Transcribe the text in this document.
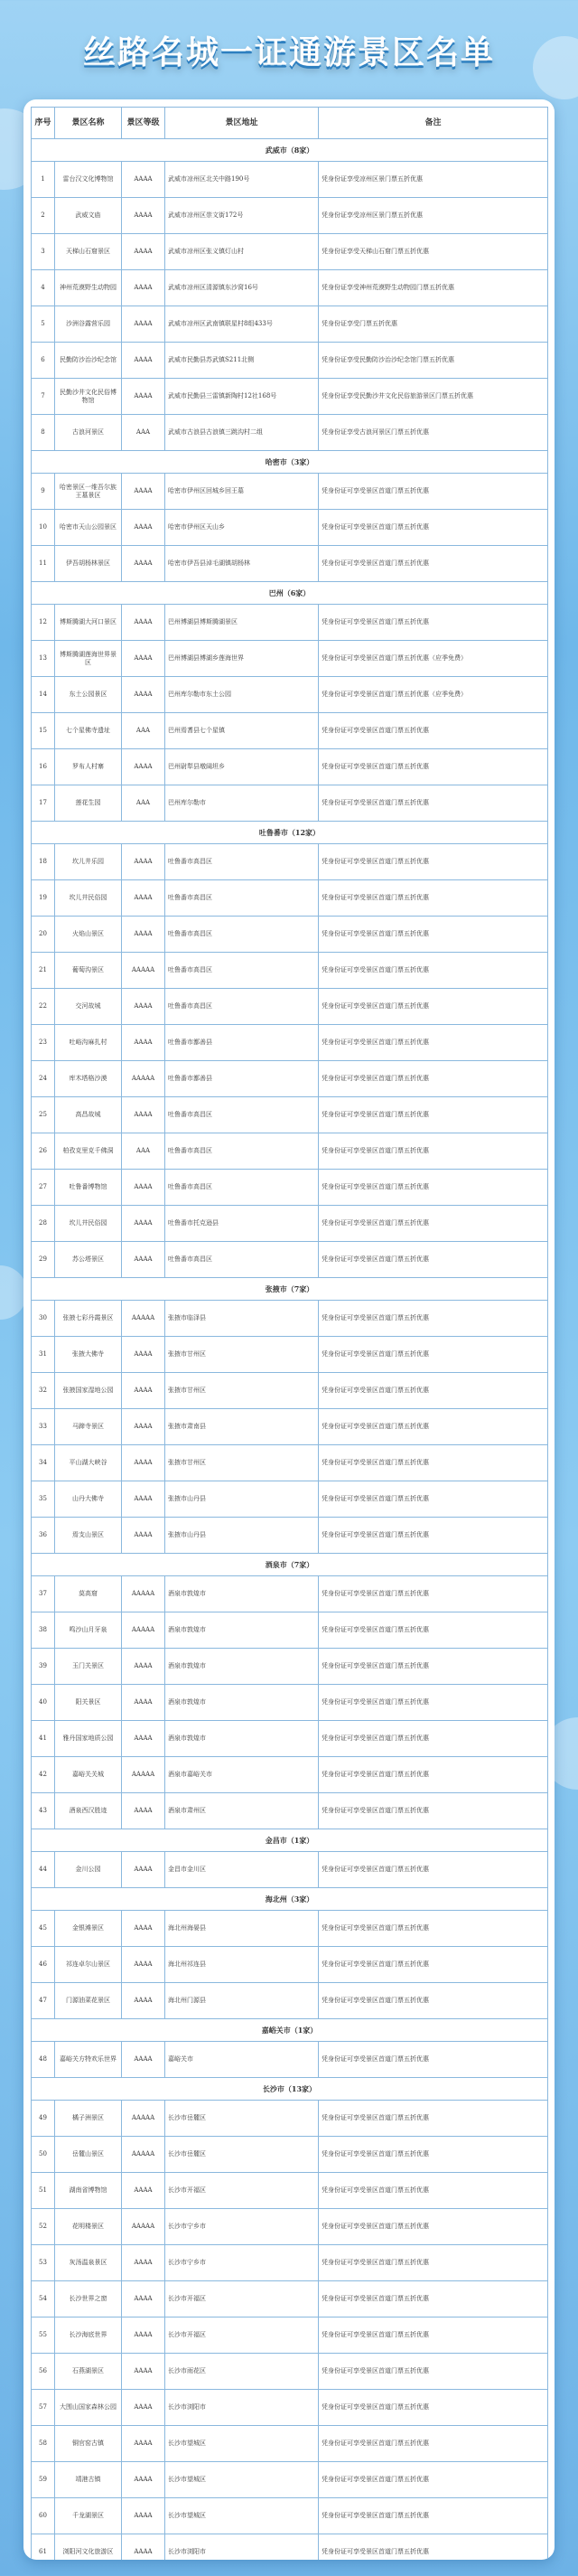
丝路名城一证通游景区名单
序号	景区名称	景区等级	景区地址	备注
武威市（8家）				
1	雷台汉文化博物馆	AAAA	武威市凉州区北关中路190号	凭身份证享受凉州区景门票五折优惠
2	武威文庙	AAAA	武威市凉州区崇文街172号	凭身份证享受凉州区景门票五折优惠
3	天梯山石窟景区	AAAA	武威市凉州区张义镇灯山村	凭身份证享受天梯山石窟门票五折优惠
4	神州荒漠野生动物园	AAAA	武威市凉州区清源镇东沙窝16号	凭身份证享受神州荒漠野生动物园门票五折优惠
5	沙洲谷露营乐园	AAAA	武威市凉州区武南镇联星村8组433号	凭身份证享受门票五折优惠
6	民勤防沙治沙纪念馆	AAAA	武威市民勤县苏武镇S211北侧	凭身份证享受民勤防沙治沙纪念馆门票五折优惠
7	民勤沙井文化民俗博物馆	AAAA	武威市民勤县三雷镇新陶村12社168号	凭身份证享受民勤沙井文化民俗旅游景区门票五折优惠
8	古浪河景区	AAA	武威市古浪县古浪镇三跳沟村二组	凭身份证享受古浪河景区门票五折优惠
哈密市（3家）				
9	哈密景区一维吾尔族王墓景区	AAAA	哈密市伊州区回城乡回王墓	凭身份证可享受景区首道门票五折优惠
10	哈密市天山公园景区	AAAA	哈密市伊州区天山乡	凭身份证可享受景区首道门票五折优惠
11	伊吾胡杨林景区	AAAA	哈密市伊吾县淖毛湖镇胡杨林	凭身份证可享受景区首道门票五折优惠
巴州（6家）				
12	博斯腾湖大河口景区	AAAA	巴州博湖县博斯腾湖景区	凭身份证可享受景区首道门票五折优惠
13	博斯腾湖莲海世界景区	AAAA	巴州博湖县博湖乡莲海世界	凭身份证可享受景区首道门票五折优惠（应季免费）
14	东土公园景区	AAAA	巴州库尔勒市东土公园	凭身份证可享受景区首道门票五折优惠（应季免费）
15	七个星佛寺遗址	AAA	巴州焉耆县七个星镇	凭身份证可享受景区首道门票五折优惠
16	罗布人村寨	AAAA	巴州尉犁县墩阔坦乡	凭身份证可享受景区首道门票五折优惠
17	莲花生园	AAA	巴州库尔勒市	凭身份证可享受景区首道门票五折优惠
吐鲁番市（12家）				
18	坎儿井乐园	AAAA	吐鲁番市高昌区	凭身份证可享受景区首道门票五折优惠
19	坎儿井民俗园	AAAA	吐鲁番市高昌区	凭身份证可享受景区首道门票五折优惠
20	火焰山景区	AAAA	吐鲁番市高昌区	凭身份证可享受景区首道门票五折优惠
21	葡萄沟景区	AAAAA	吐鲁番市高昌区	凭身份证可享受景区首道门票五折优惠
22	交河故城	AAAA	吐鲁番市高昌区	凭身份证可享受景区首道门票五折优惠
23	吐峪沟麻扎村	AAAA	吐鲁番市鄯善县	凭身份证可享受景区首道门票五折优惠
24	库木塔格沙漠	AAAAA	吐鲁番市鄯善县	凭身份证可享受景区首道门票五折优惠
25	高昌故城	AAAA	吐鲁番市高昌区	凭身份证可享受景区首道门票五折优惠
26	柏孜克里克千佛洞	AAA	吐鲁番市高昌区	凭身份证可享受景区首道门票五折优惠
27	吐鲁番博物馆	AAAA	吐鲁番市高昌区	凭身份证可享受景区首道门票五折优惠
28	坎儿井民俗园	AAAA	吐鲁番市托克逊县	凭身份证可享受景区首道门票五折优惠
29	苏公塔景区	AAAA	吐鲁番市高昌区	凭身份证可享受景区首道门票五折优惠
张掖市（7家）				
30	张掖七彩丹霞景区	AAAAA	张掖市临泽县	凭身份证可享受景区首道门票五折优惠
31	张掖大佛寺	AAAA	张掖市甘州区	凭身份证可享受景区首道门票五折优惠
32	张掖国家湿地公园	AAAA	张掖市甘州区	凭身份证可享受景区首道门票五折优惠
33	马蹄寺景区	AAAA	张掖市肃南县	凭身份证可享受景区首道门票五折优惠
34	平山湖大峡谷	AAAA	张掖市甘州区	凭身份证可享受景区首道门票五折优惠
35	山丹大佛寺	AAAA	张掖市山丹县	凭身份证可享受景区首道门票五折优惠
36	焉支山景区	AAAA	张掖市山丹县	凭身份证可享受景区首道门票五折优惠
酒泉市（7家）				
37	莫高窟	AAAAA	酒泉市敦煌市	凭身份证可享受景区首道门票五折优惠
38	鸣沙山月牙泉	AAAAA	酒泉市敦煌市	凭身份证可享受景区首道门票五折优惠
39	玉门关景区	AAAA	酒泉市敦煌市	凭身份证可享受景区首道门票五折优惠
40	阳关景区	AAAA	酒泉市敦煌市	凭身份证可享受景区首道门票五折优惠
41	雅丹国家地质公园	AAAA	酒泉市敦煌市	凭身份证可享受景区首道门票五折优惠
42	嘉峪关关城	AAAAA	酒泉市嘉峪关市	凭身份证可享受景区首道门票五折优惠
43	酒泉西汉胜迹	AAAA	酒泉市肃州区	凭身份证可享受景区首道门票五折优惠
金昌市（1家）				
44	金川公园	AAAA	金昌市金川区	凭身份证可享受景区首道门票五折优惠
海北州（3家）				
45	金银滩景区	AAAA	海北州海晏县	凭身份证可享受景区首道门票五折优惠
46	祁连卓尔山景区	AAAA	海北州祁连县	凭身份证可享受景区首道门票五折优惠
47	门源油菜花景区	AAAA	海北州门源县	凭身份证可享受景区首道门票五折优惠
嘉峪关市（1家）				
48	嘉峪关方特欢乐世界	AAAA	嘉峪关市	凭身份证可享受景区首道门票五折优惠
长沙市（13家）				
49	橘子洲景区	AAAAA	长沙市岳麓区	凭身份证可享受景区首道门票五折优惠
50	岳麓山景区	AAAAA	长沙市岳麓区	凭身份证可享受景区首道门票五折优惠
51	湖南省博物馆	AAAA	长沙市开福区	凭身份证可享受景区首道门票五折优惠
52	花明楼景区	AAAAA	长沙市宁乡市	凭身份证可享受景区首道门票五折优惠
53	灰汤温泉景区	AAAA	长沙市宁乡市	凭身份证可享受景区首道门票五折优惠
54	长沙世界之窗	AAAA	长沙市开福区	凭身份证可享受景区首道门票五折优惠
55	长沙海底世界	AAAA	长沙市开福区	凭身份证可享受景区首道门票五折优惠
56	石燕湖景区	AAAA	长沙市雨花区	凭身份证可享受景区首道门票五折优惠
57	大围山国家森林公园	AAAA	长沙市浏阳市	凭身份证可享受景区首道门票五折优惠
58	铜官窑古镇	AAAA	长沙市望城区	凭身份证可享受景区首道门票五折优惠
59	靖港古镇	AAAA	长沙市望城区	凭身份证可享受景区首道门票五折优惠
60	千龙湖景区	AAAA	长沙市望城区	凭身份证可享受景区首道门票五折优惠
61	浏阳河文化旅游区	AAAA	长沙市浏阳市	凭身份证可享受景区首道门票五折优惠
